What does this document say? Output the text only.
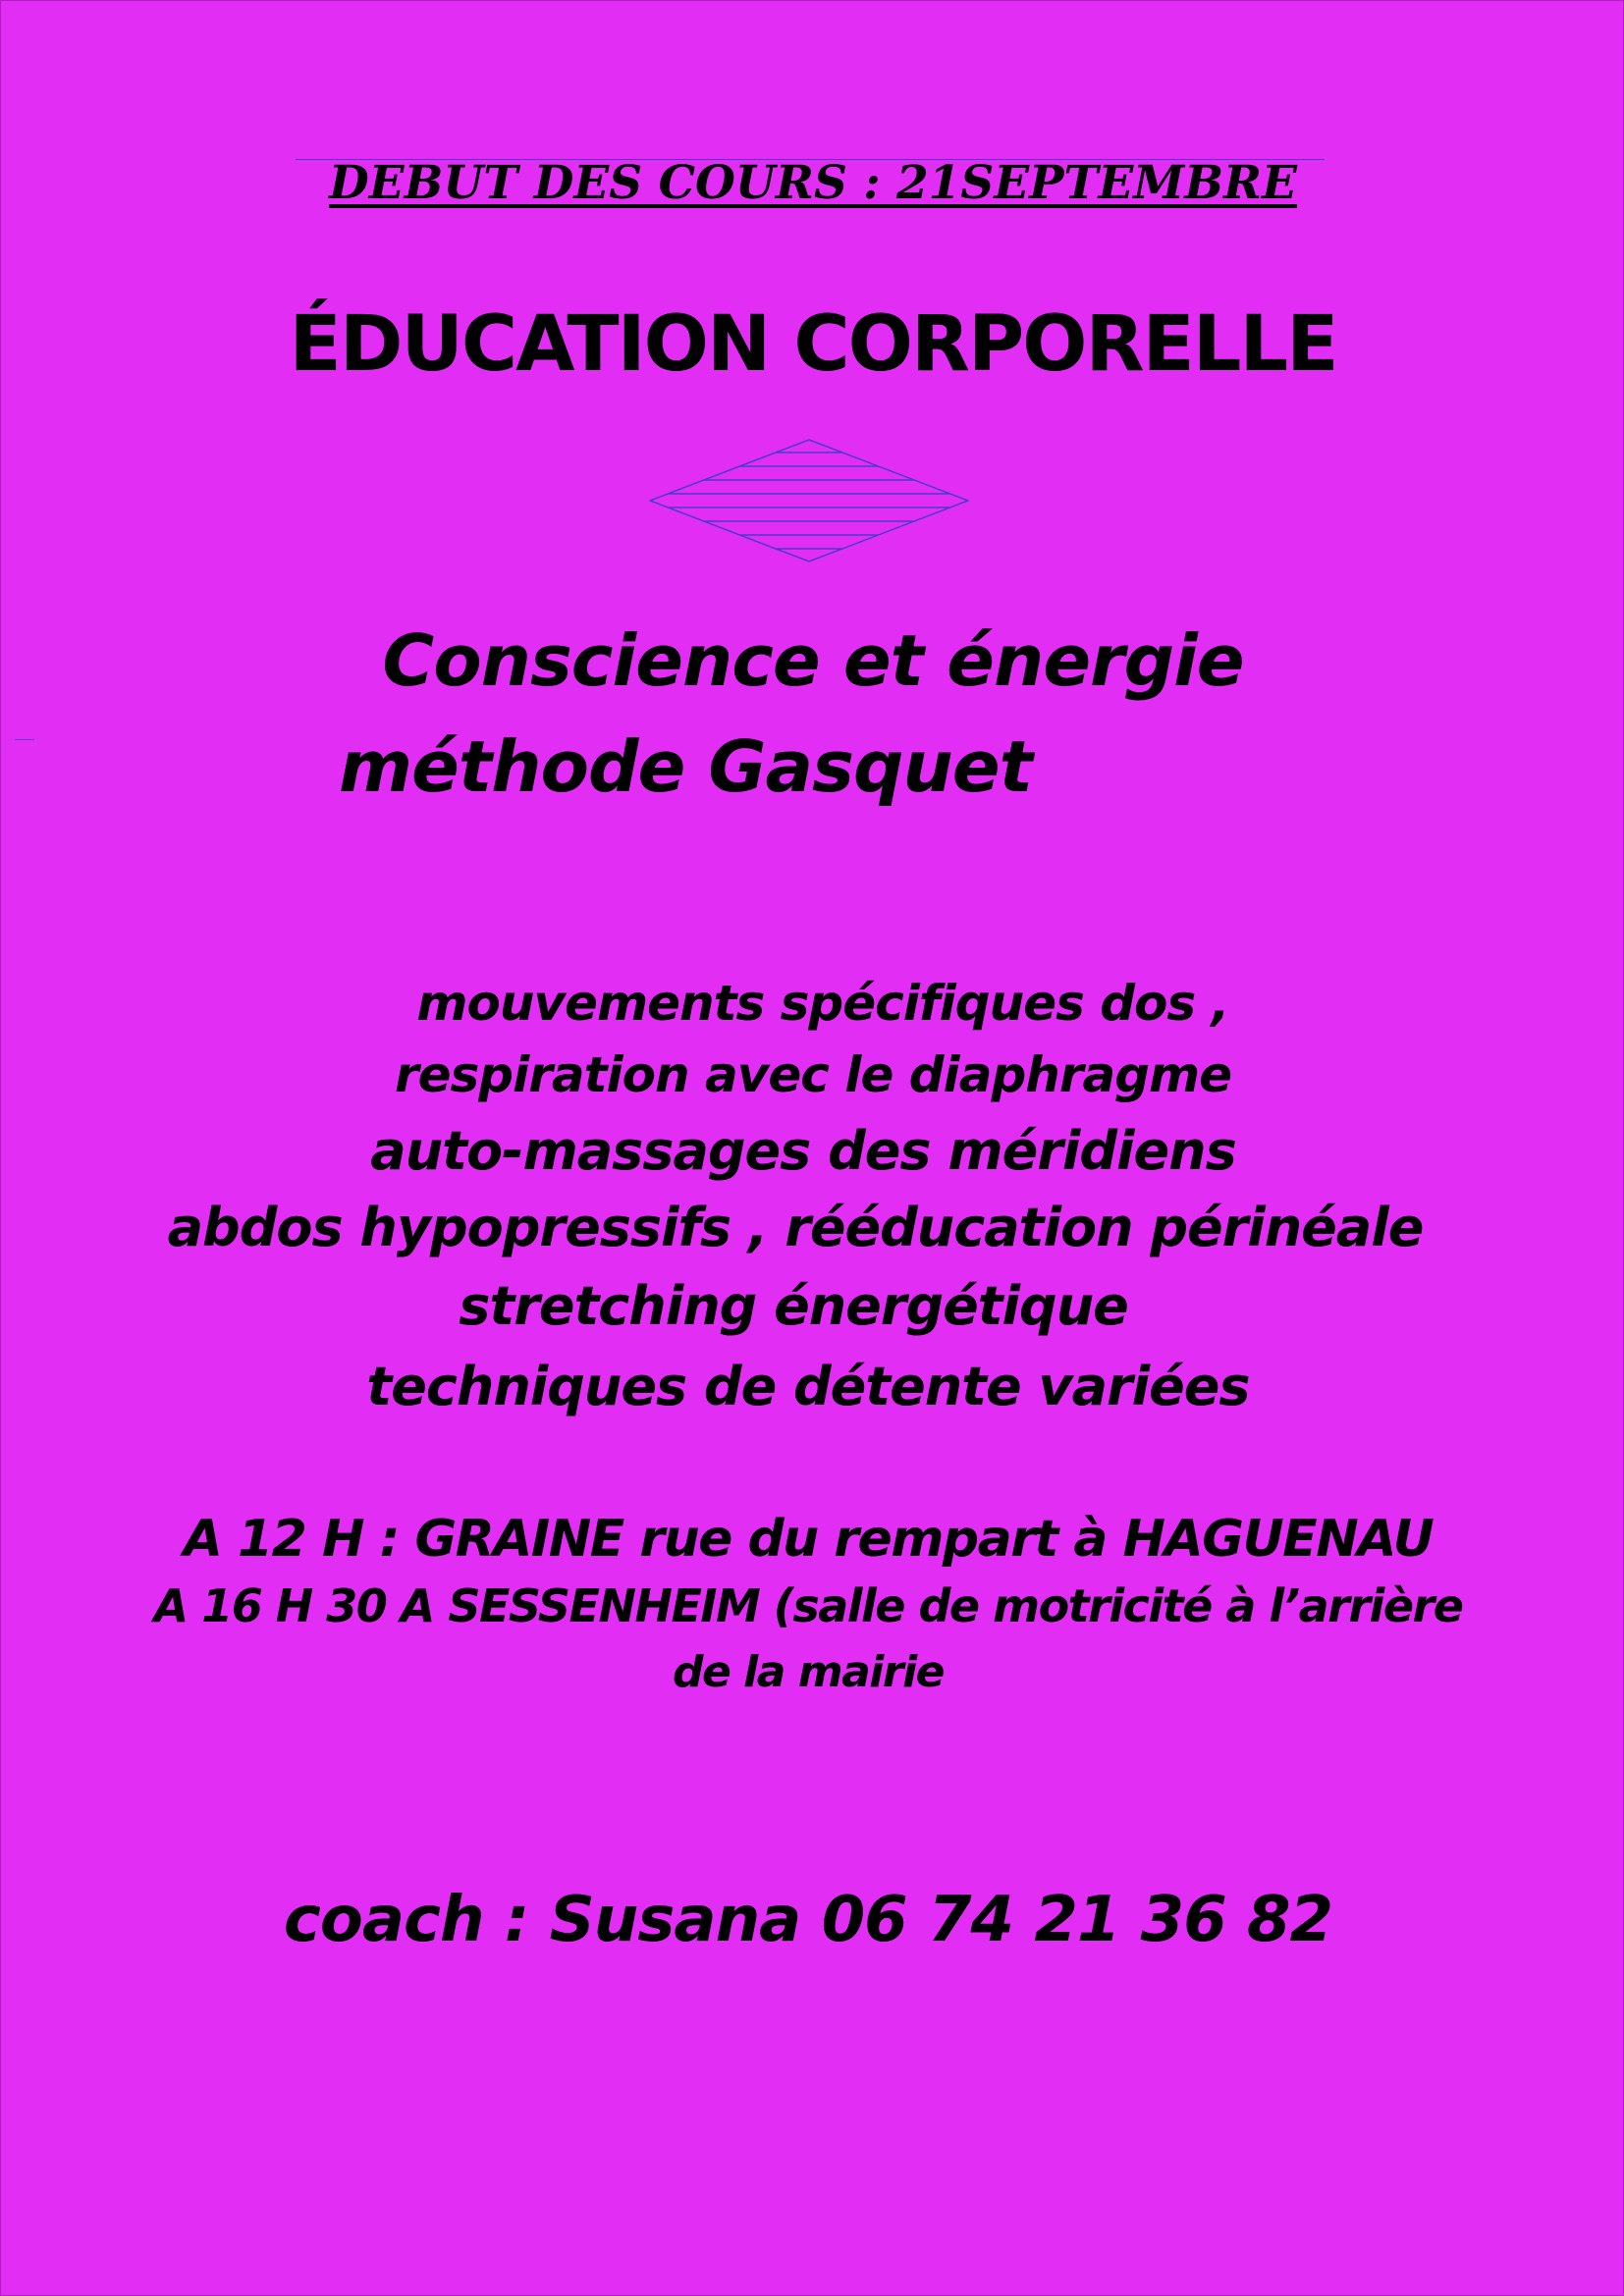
DEBUT DES COURS : 21SEPTEMBRE

ÉDUCATION CORPORELLE

Conscience et énergie

méthode Gasquet

mouvements spécifiques dos ,

respiration avec le diaphragme

auto-massages des méridiens

abdos hypopressifs , rééducation périnéale

stretching énergétique

techniques de détente variées

A 12 H : GRAINE rue du rempart à HAGUENAU

A 16 H 30 A SESSENHEIM (salle de motricité à l’arrière

de la mairie

coach : Susana 06 74 21 36 82
